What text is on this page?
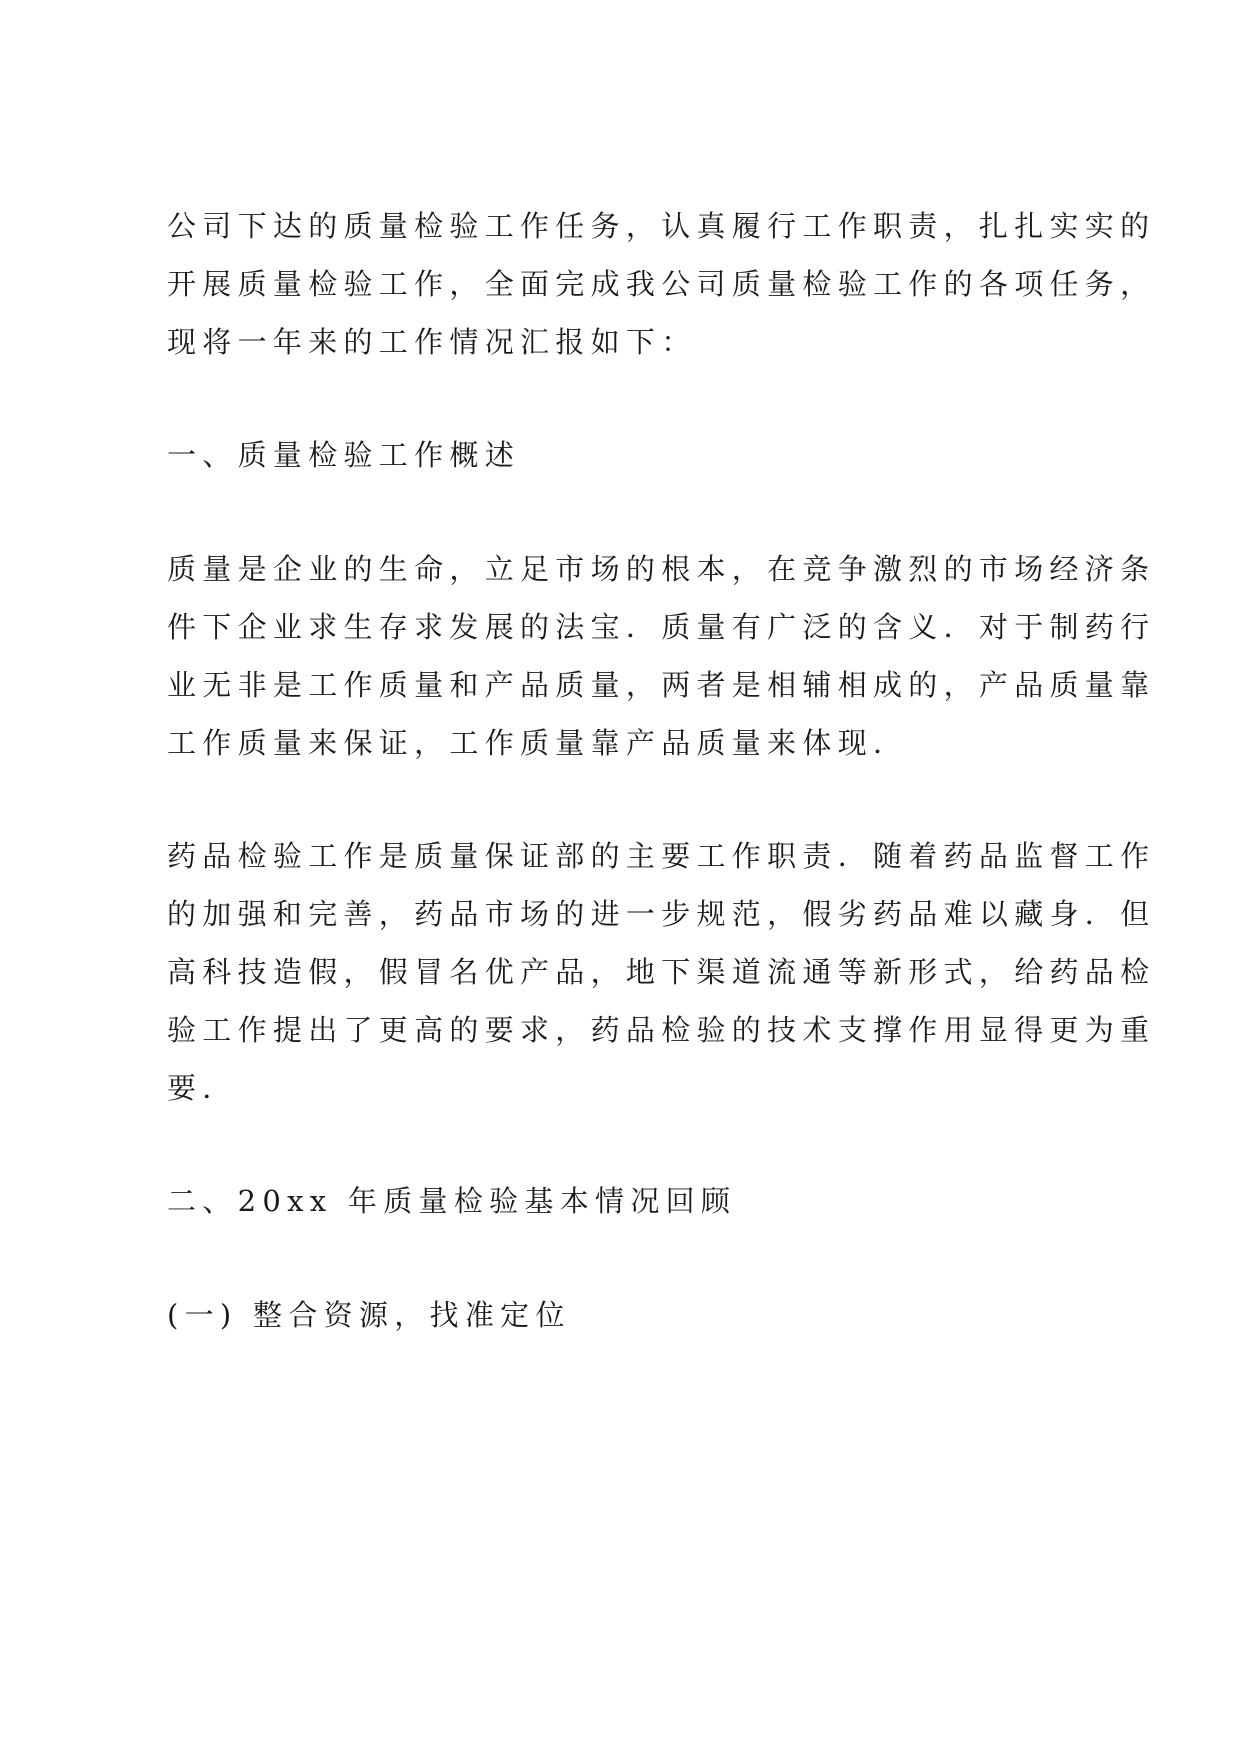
公司下达的质量检验工作任务，认真履行工作职责，扎扎实实的
开展质量检验工作，全面完成我公司质量检验工作的各项任务，
现将一年来的工作情况汇报如下：
一、质量检验工作概述
质量是企业的生命，立足市场的根本，在竞争激烈的市场经济条
件下企业求生存求发展的法宝．质量有广泛的含义．对于制药行
业无非是工作质量和产品质量，两者是相辅相成的，产品质量靠
工作质量来保证，工作质量靠产品质量来体现．
药品检验工作是质量保证部的主要工作职责．随着药品监督工作
的加强和完善，药品市场的进一步规范，假劣药品难以藏身．但
高科技造假，假冒名优产品，地下渠道流通等新形式，给药品检
验工作提出了更高的要求，药品检验的技术支撑作用显得更为重
要．
二、20xx 年质量检验基本情况回顾
(一) 整合资源，找准定位
